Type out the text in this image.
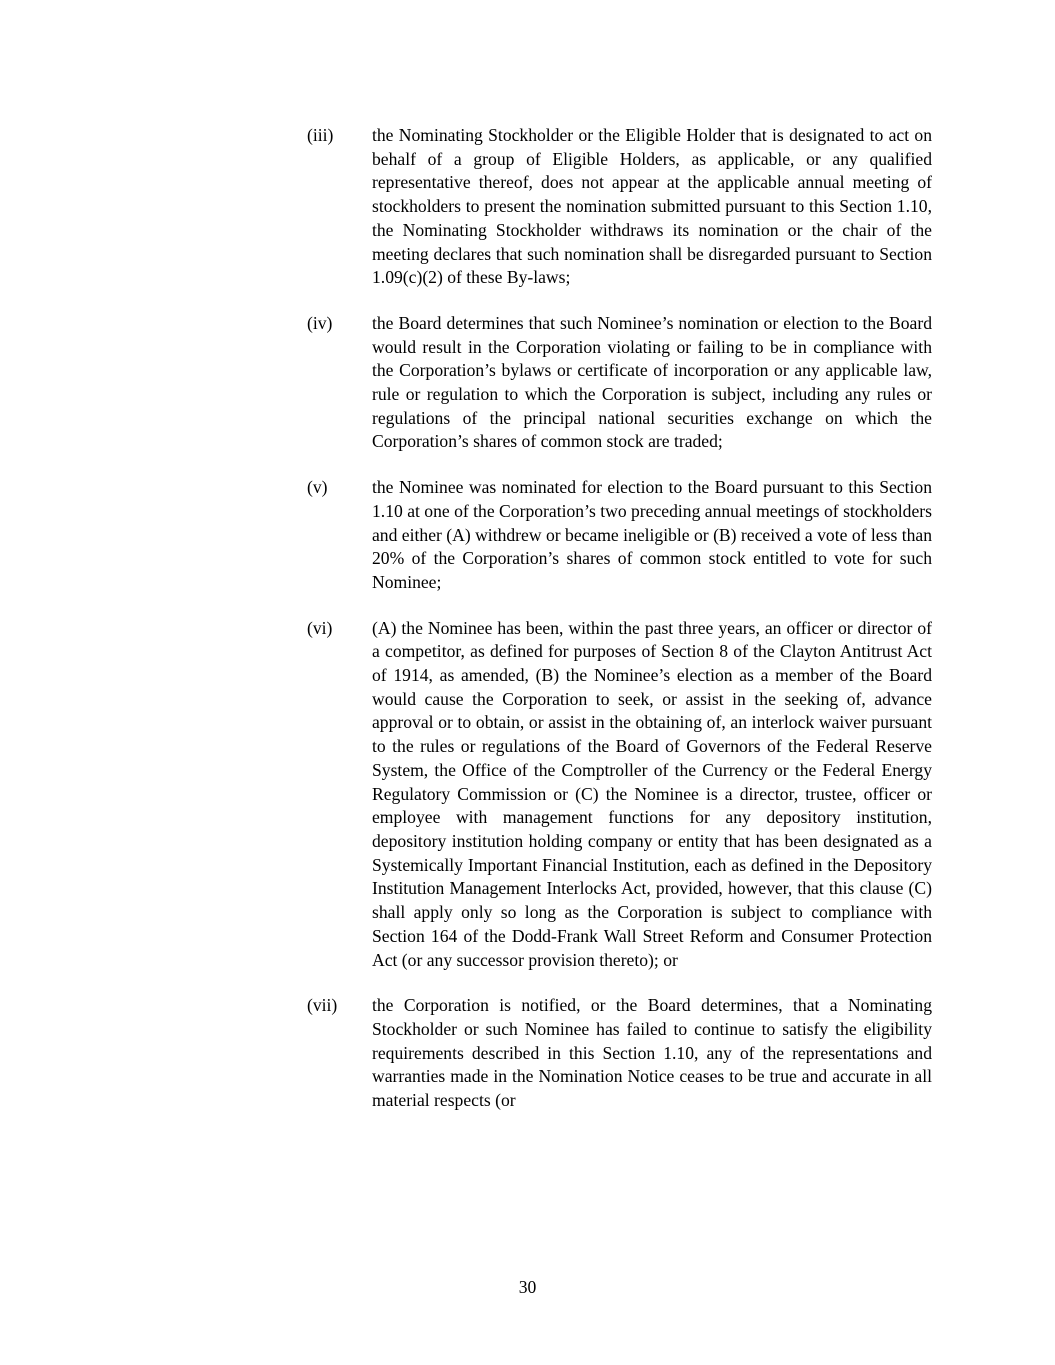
(iii)	the Nominating Stockholder or the Eligible Holder that is designated to act on behalf of a group of Eligible Holders, as applicable, or any qualified representative thereof, does not appear at the applicable annual meeting of stockholders to present the nomination submitted pursuant to this Section 1.10, the Nominating Stockholder withdraws its nomination or the chair of the meeting declares that such nomination shall be disregarded pursuant to Section 1.09(c)(2) of these By-laws;
(iv)	the Board determines that such Nominee’s nomination or election to the Board would result in the Corporation violating or failing to be in compliance with the Corporation’s bylaws or certificate of incorporation or any applicable law, rule or regulation to which the Corporation is subject, including any rules or regulations of the principal national securities exchange on which the Corporation’s shares of common stock are traded;
(v)	the Nominee was nominated for election to the Board pursuant to this Section 1.10 at one of the Corporation’s two preceding annual meetings of stockholders and either (A) withdrew or became ineligible or (B) received a vote of less than 20% of the Corporation’s shares of common stock entitled to vote for such Nominee;
(vi)	(A) the Nominee has been, within the past three years, an officer or director of a competitor, as defined for purposes of Section 8 of the Clayton Antitrust Act of 1914, as amended, (B) the Nominee’s election as a member of the Board would cause the Corporation to seek, or assist in the seeking of, advance approval or to obtain, or assist in the obtaining of, an interlock waiver pursuant to the rules or regulations of the Board of Governors of the Federal Reserve System, the Office of the Comptroller of the Currency or the Federal Energy Regulatory Commission or (C) the Nominee is a director, trustee, officer or employee with management functions for any depository institution, depository institution holding company or entity that has been designated as a Systemically Important Financial Institution, each as defined in the Depository Institution Management Interlocks Act, provided, however, that this clause (C) shall apply only so long as the Corporation is subject to compliance with Section 164 of the Dodd-Frank Wall Street Reform and Consumer Protection Act (or any successor provision thereto); or
(vii)	the Corporation is notified, or the Board determines, that a Nominating Stockholder or such Nominee has failed to continue to satisfy the eligibility requirements described in this Section 1.10, any of the representations and warranties made in the Nomination Notice ceases to be true and accurate in all material respects (or
30
